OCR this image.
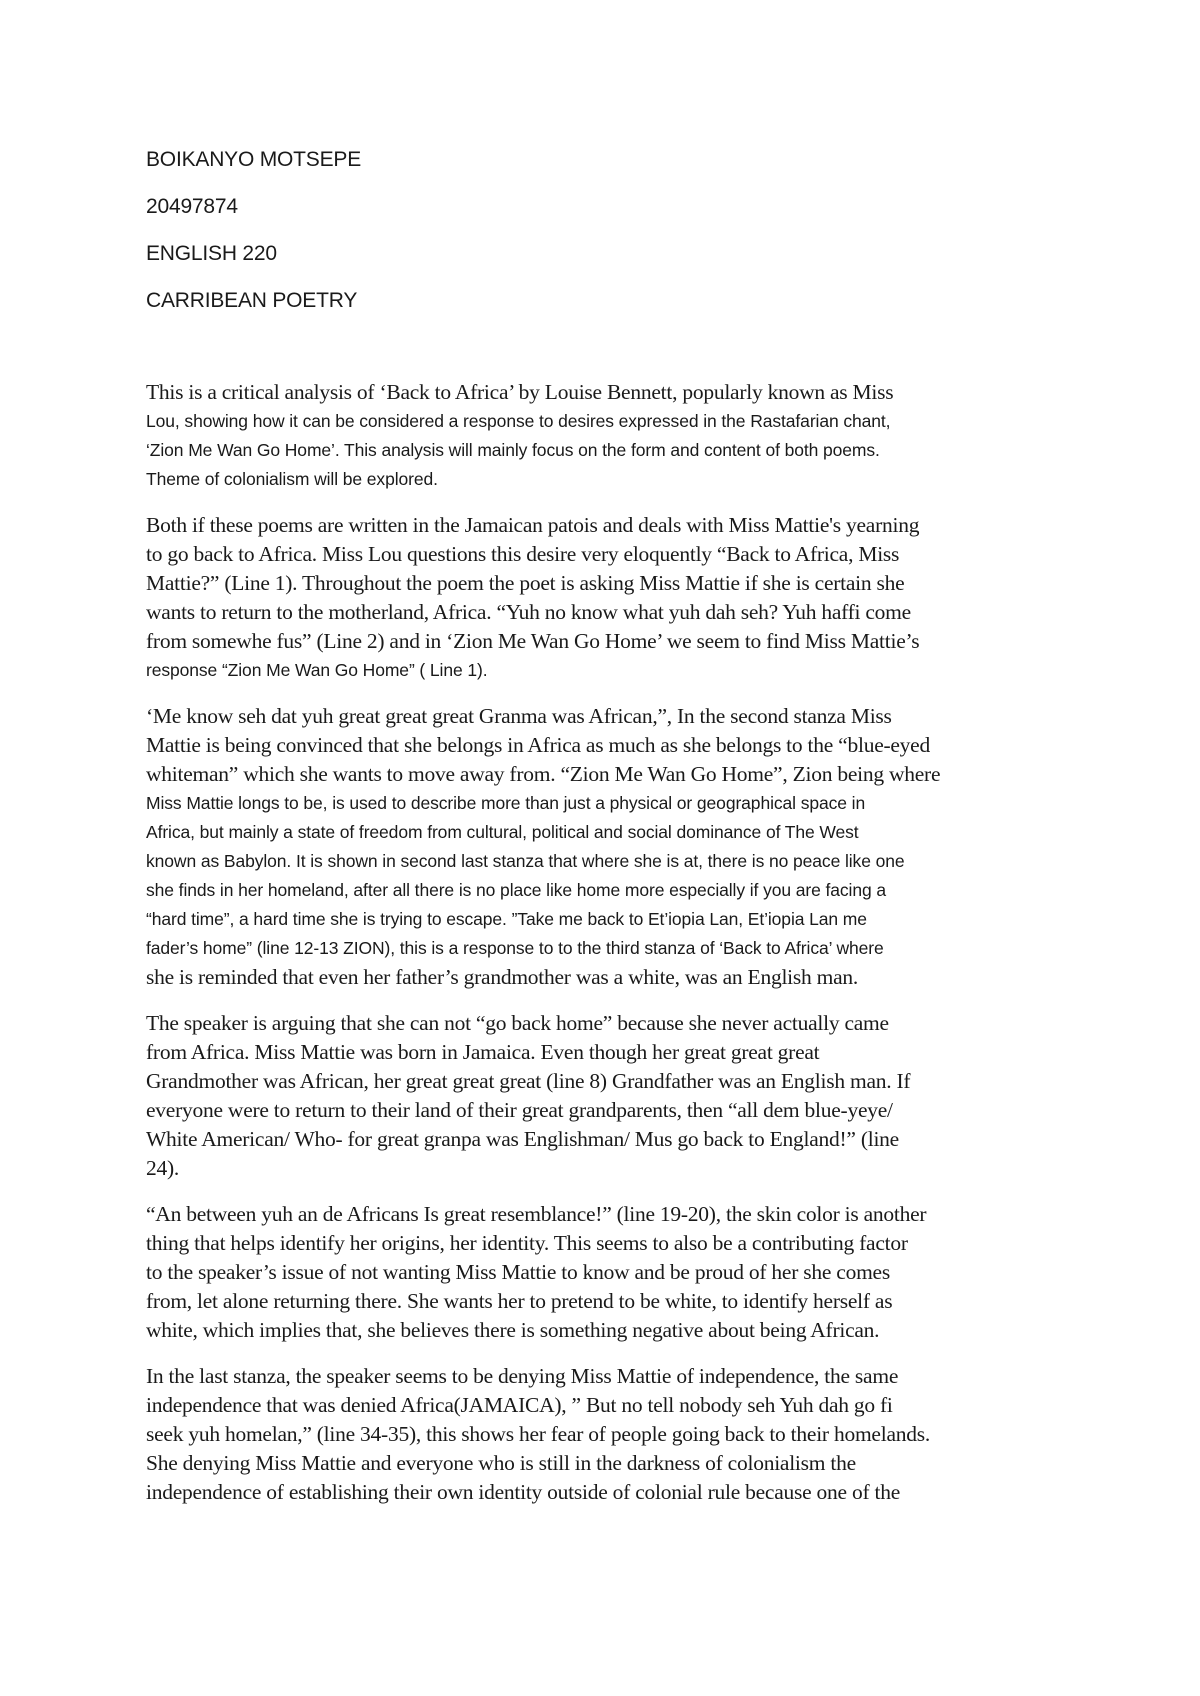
BOIKANYO MOTSEPE

20497874

ENGLISH 220

CARRIBEAN POETRY

This is a critical analysis of ‘Back to Africa’ by Louise Bennett, popularly known as Miss
Lou, showing how it can be considered a response to desires expressed in the Rastafarian chant,
‘Zion Me Wan Go Home’. This analysis will mainly focus on the form and content of both poems.
Theme of colonialism will be explored.

Both if these poems are written in the Jamaican patois and deals with Miss Mattie's yearning
to go back to Africa. Miss Lou questions this desire very eloquently “Back to Africa, Miss
Mattie?” (Line 1). Throughout the poem the poet is asking Miss Mattie if she is certain she
wants to return to the motherland, Africa. “Yuh no know what yuh dah seh? Yuh haffi come
from somewhe fus” (Line 2) and in ‘Zion Me Wan Go Home’ we seem to find Miss Mattie’s
response “Zion Me Wan Go Home” ( Line 1).

‘Me know seh dat yuh great great great Granma was African,”, In the second stanza Miss
Mattie is being convinced that she belongs in Africa as much as she belongs to the “blue-eyed
whiteman” which she wants to move away from. “Zion Me Wan Go Home”, Zion being where
Miss Mattie longs to be, is used to describe more than just a physical or geographical space in
Africa, but mainly a state of freedom from cultural, political and social dominance of The West
known as Babylon. It is shown in second last stanza that where she is at, there is no peace like one
she finds in her homeland, after all there is no place like home more especially if you are facing a
“hard time”, a hard time she is trying to escape. ”Take me back to Et’iopia Lan, Et’iopia Lan me
fader’s home” (line 12-13 ZION), this is a response to to the third stanza of ‘Back to Africa’ where
she is reminded that even her father’s grandmother was a white, was an English man.

The speaker is arguing that she can not “go back home” because she never actually came
from Africa. Miss Mattie was born in Jamaica. Even though her great great great
Grandmother was African, her great great great (line 8) Grandfather was an English man. If
everyone were to return to their land of their great grandparents, then “all dem blue-yeye/
White American/ Who- for great granpa was Englishman/ Mus go back to England!” (line
24).

“An between yuh an de Africans Is great resemblance!” (line 19-20), the skin color is another
thing that helps identify her origins, her identity. This seems to also be a contributing factor
to the speaker’s issue of not wanting Miss Mattie to know and be proud of her she comes
from, let alone returning there. She wants her to pretend to be white, to identify herself as
white, which implies that, she believes there is something negative about being African.

In the last stanza, the speaker seems to be denying Miss Mattie of independence, the same
independence that was denied Africa(JAMAICA), ” But no tell nobody seh Yuh dah go fi
seek yuh homelan,” (line 34-35), this shows her fear of people going back to their homelands.
She denying Miss Mattie and everyone who is still in the darkness of colonialism the
independence of establishing their own identity outside of colonial rule because one of the
